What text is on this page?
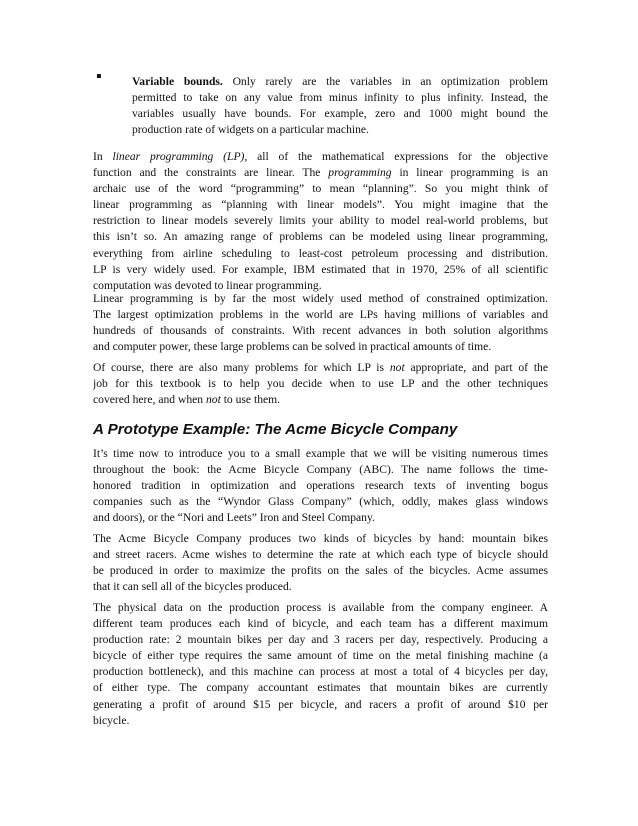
▪	Variable bounds. Only rarely are the variables in an optimization problem
permitted to take on any value from minus infinity to plus infinity. Instead, the
variables usually have bounds. For example, zero and 1000 might bound the
production rate of widgets on a particular machine.
In linear programming (LP), all of the mathematical expressions for the objective
function and the constraints are linear. The programming in linear programming is an
archaic use of the word “programming” to mean “planning”. So you might think of
linear programming as “planning with linear models”. You might imagine that the
restriction to linear models severely limits your ability to model real-world problems, but
this isn’t so. An amazing range of problems can be modeled using linear programming,
everything from airline scheduling to least-cost petroleum processing and distribution.
LP is very widely used. For example, IBM estimated that in 1970, 25% of all scientific
computation was devoted to linear programming.
Linear programming is by far the most widely used method of constrained optimization.
The largest optimization problems in the world are LPs having millions of variables and
hundreds of thousands of constraints. With recent advances in both solution algorithms
and computer power, these large problems can be solved in practical amounts of time.
Of course, there are also many problems for which LP is not appropriate, and part of the
job for this textbook is to help you decide when to use LP and the other techniques
covered here, and when not to use them.
A Prototype Example: The Acme Bicycle Company
It’s time now to introduce you to a small example that we will be visiting numerous times
throughout the book: the Acme Bicycle Company (ABC). The name follows the time-
honored tradition in optimization and operations research texts of inventing bogus
companies such as the “Wyndor Glass Company” (which, oddly, makes glass windows
and doors), or the “Nori and Leets” Iron and Steel Company.
The Acme Bicycle Company produces two kinds of bicycles by hand: mountain bikes
and street racers. Acme wishes to determine the rate at which each type of bicycle should
be produced in order to maximize the profits on the sales of the bicycles. Acme assumes
that it can sell all of the bicycles produced.
The physical data on the production process is available from the company engineer. A
different team produces each kind of bicycle, and each team has a different maximum
production rate: 2 mountain bikes per day and 3 racers per day, respectively. Producing a
bicycle of either type requires the same amount of time on the metal finishing machine (a
production bottleneck), and this machine can process at most a total of 4 bicycles per day,
of either type. The company accountant estimates that mountain bikes are currently
generating a profit of around $15 per bicycle, and racers a profit of around $10 per
bicycle.
